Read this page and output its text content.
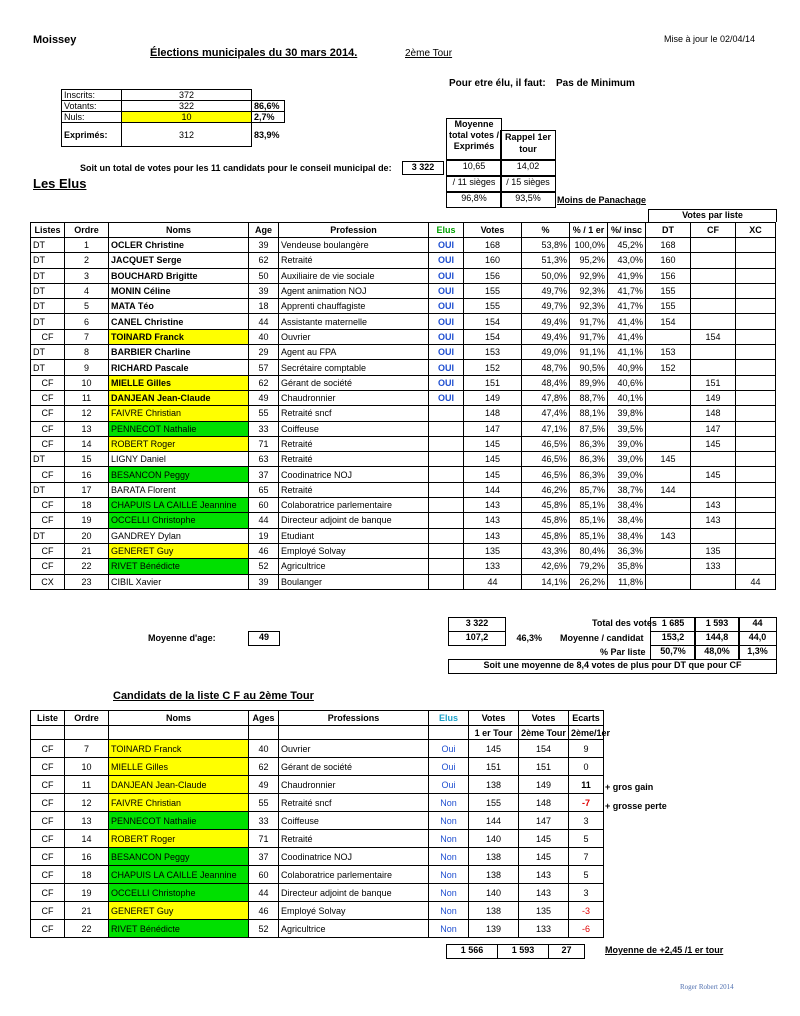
Moissey	Mise à jour le 02/04/14
Élections municipales du 30 mars 2014.	2ème Tour
Pour etre élu, il faut: Pas de Minimum
Inscrits:	372	
Votants:	322	86,6%
Nuls:	10	2,7%
Exprimés:	312	83,9%
Moyenne total votes / Exprimés
Rappel 1er tour
Soit un total de votes pour les 11 candidats pour le conseil municipal de:	3 322	10,65	14,02
/ 11 sièges	/ 15 sièges
96,8%	93,5%	Moins de Panachage
Les Elus
Votes par liste
Listes	Ordre	Noms	Age	Profession	Elus	Votes	%	% / 1 er	%/ insc	DT	CF	XC
DT	1	OCLER Christine	39	Vendeuse boulangère	OUI	168	53,8%	100,0%	45,2%	168		
DT	2	JACQUET Serge	62	Retraité	OUI	160	51,3%	95,2%	43,0%	160		
DT	3	BOUCHARD Brigitte	50	Auxiliaire de vie sociale	OUI	156	50,0%	92,9%	41,9%	156		
DT	4	MONIN Céline	39	Agent animation NOJ	OUI	155	49,7%	92,3%	41,7%	155		
DT	5	MATA Téo	18	Apprenti chauffagiste	OUI	155	49,7%	92,3%	41,7%	155		
DT	6	CANEL Christine	44	Assistante maternelle	OUI	154	49,4%	91,7%	41,4%	154		
CF	7	TOINARD Franck	40	Ouvrier	OUI	154	49,4%	91,7%	41,4%		154	
DT	8	BARBIER Charline	29	Agent au FPA	OUI	153	49,0%	91,1%	41,1%	153		
DT	9	RICHARD Pascale	57	Secrétaire comptable	OUI	152	48,7%	90,5%	40,9%	152		
CF	10	MIELLE Gilles	62	Gérant de société	OUI	151	48,4%	89,9%	40,6%		151	
CF	11	DANJEAN Jean-Claude	49	Chaudronnier	OUI	149	47,8%	88,7%	40,1%		149	
CF	12	FAIVRE Christian	55	Retraité sncf		148	47,4%	88,1%	39,8%		148	
CF	13	PENNECOT Nathalie	33	Coiffeuse		147	47,1%	87,5%	39,5%		147	
CF	14	ROBERT Roger	71	Retraité		145	46,5%	86,3%	39,0%		145	
DT	15	LIGNY Daniel	63	Retraité		145	46,5%	86,3%	39,0%	145		
CF	16	BESANCON Peggy	37	Coodinatrice NOJ		145	46,5%	86,3%	39,0%		145	
DT	17	BARATA Florent	65	Retraité		144	46,2%	85,7%	38,7%	144		
CF	18	CHAPUIS LA CAILLE Jeannine	60	Colaboratrice parlementaire		143	45,8%	85,1%	38,4%		143	
CF	19	OCCELLI Christophe	44	Directeur adjoint de banque		143	45,8%	85,1%	38,4%		143	
DT	20	GANDREY Dylan	19	Etudiant		143	45,8%	85,1%	38,4%	143		
CF	21	GENERET Guy	46	Employé Solvay		135	43,3%	80,4%	36,3%		135	
CF	22	RIVET Bénédicte	52	Agricultrice		133	42,6%	79,2%	35,8%		133	
CX	23	CIBIL Xavier	39	Boulanger		44	14,1%	26,2%	11,8%			44
3 322	Total des votes 1 685	1 593	44
Moyenne d'age:	49	107,2	46,3% Moyenne / candidat	153,2	144,8	44,0
% Par liste	50,7%	48,0%	1,3%
Soit une moyenne de 8,4 votes de plus pour DT que pour CF
Candidats de la liste C F au 2ème Tour
Liste	Ordre	Noms	Ages	Professions	Elus	Votes	Votes	Ecarts
						1 er Tour	2ème Tour	2ème/1er
CF	7	TOINARD Franck	40	Ouvrier	Oui	145	154	9
CF	10	MIELLE Gilles	62	Gérant de société	Oui	151	151	0
CF	11	DANJEAN Jean-Claude	49	Chaudronnier	Oui	138	149	11
CF	12	FAIVRE Christian	55	Retraité sncf	Non	155	148	-7
CF	13	PENNECOT Nathalie	33	Coiffeuse	Non	144	147	3
CF	14	ROBERT Roger	71	Retraité	Non	140	145	5
CF	16	BESANCON Peggy	37	Coodinatrice NOJ	Non	138	145	7
CF	18	CHAPUIS LA CAILLE Jeannine	60	Colaboratrice parlementaire	Non	138	143	5
CF	19	OCCELLI Christophe	44	Directeur adjoint de banque	Non	140	143	3
CF	21	GENERET Guy	46	Employé Solvay	Non	138	135	-3
CF	22	RIVET Bénédicte	52	Agricultrice	Non	139	133	-6
+ gros gain
+ grosse perte
1 566	1 593	27	Moyenne de +2,45 /1 er tour
Roger Robert 2014
